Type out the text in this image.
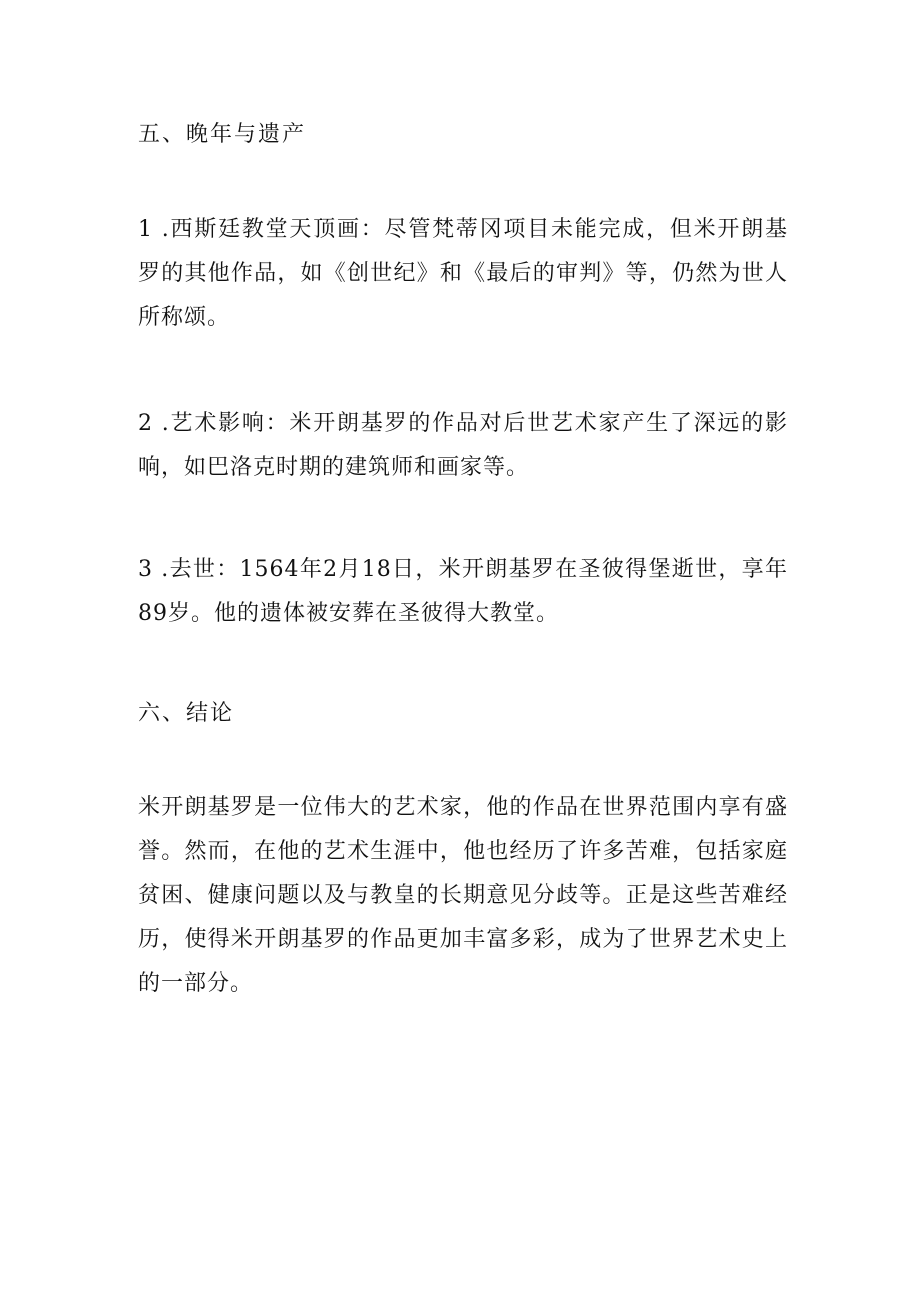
五、晚年与遗产

1 .西斯廷教堂天顶画：尽管梵蒂冈项目未能完成，但米开朗基罗的其他作品，如《创世纪》和《最后的审判》等，仍然为世人所称颂。

2 .艺术影响：米开朗基罗的作品对后世艺术家产生了深远的影响，如巴洛克时期的建筑师和画家等。

3 .去世：1564年2月18日，米开朗基罗在圣彼得堡逝世，享年89岁。他的遗体被安葬在圣彼得大教堂。

六、结论

米开朗基罗是一位伟大的艺术家，他的作品在世界范围内享有盛誉。然而，在他的艺术生涯中，他也经历了许多苦难，包括家庭贫困、健康问题以及与教皇的长期意见分歧等。正是这些苦难经历，使得米开朗基罗的作品更加丰富多彩，成为了世界艺术史上的一部分。
